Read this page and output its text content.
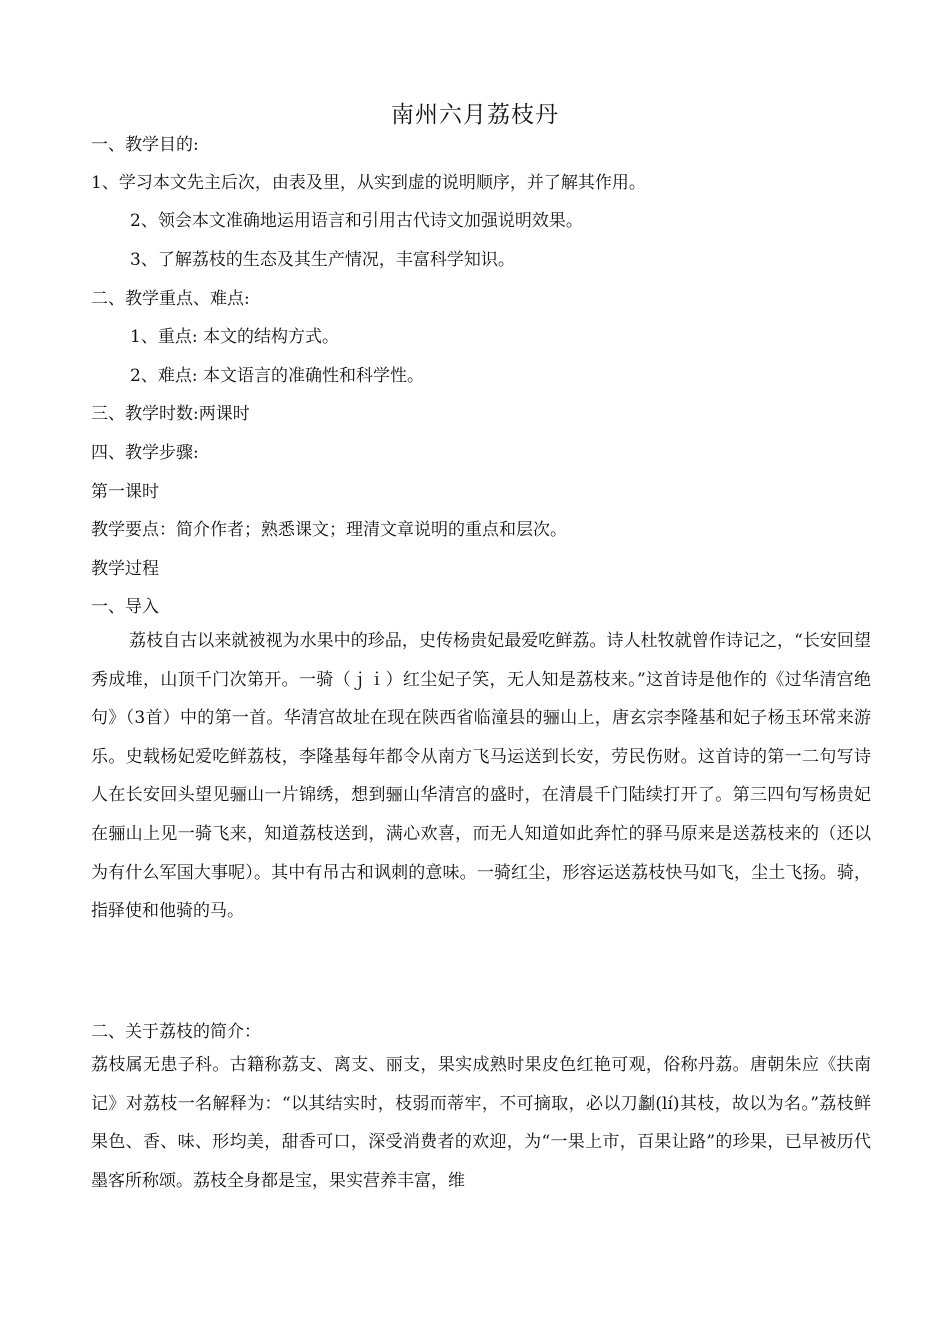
南州六月荔枝丹
一、教学目的:
1、学习本文先主后次，由表及里，从实到虚的说明顺序，并了解其作用。
2、领会本文准确地运用语言和引用古代诗文加强说明效果。
3、了解荔枝的生态及其生产情况，丰富科学知识。
二、教学重点、难点:
1、重点: 本文的结构方式。
2、难点: 本文语言的准确性和科学性。
三、教学时数:两课时
四、教学步骤:
第一课时
教学要点：简介作者；熟悉课文；理清文章说明的重点和层次。
教学过程
一、导入
荔枝自古以来就被视为水果中的珍品，史传杨贵妃最爱吃鲜荔。诗人杜牧就曾作诗记之，“长安回望秀成堆，山顶千门次第开。一骑（ｊｉ）红尘妃子笑，无人知是荔枝来。”这首诗是他作的《过华清宫绝句》（3首）中的第一首。华清宫故址在现在陕西省临潼县的骊山上，唐玄宗李隆基和妃子杨玉环常来游乐。史载杨妃爱吃鲜荔枝，李隆基每年都令从南方飞马运送到长安，劳民伤财。这首诗的第一二句写诗人在长安回头望见骊山一片锦绣，想到骊山华清宫的盛时，在清晨千门陆续打开了。第三四句写杨贵妃在骊山上见一骑飞来，知道荔枝送到，满心欢喜，而无人知道如此奔忙的驿马原来是送荔枝来的（还以为有什么军国大事呢）。其中有吊古和讽刺的意味。一骑红尘，形容运送荔枝快马如飞，尘土飞扬。骑，指驿使和他骑的马。
二、关于荔枝的简介：
荔枝属无患子科。古籍称荔支、离支、丽支，果实成熟时果皮色红艳可观，俗称丹荔。唐朝朱应《扶南记》对荔枝一名解释为：“以其结实时，枝弱而蒂牢，不可摘取，必以刀劙(lí)其枝，故以为名。”荔枝鲜果色、香、味、形均美，甜香可口，深受消费者的欢迎，为“一果上市，百果让路”的珍果，已早被历代墨客所称颂。荔枝全身都是宝，果实营养丰富，维
